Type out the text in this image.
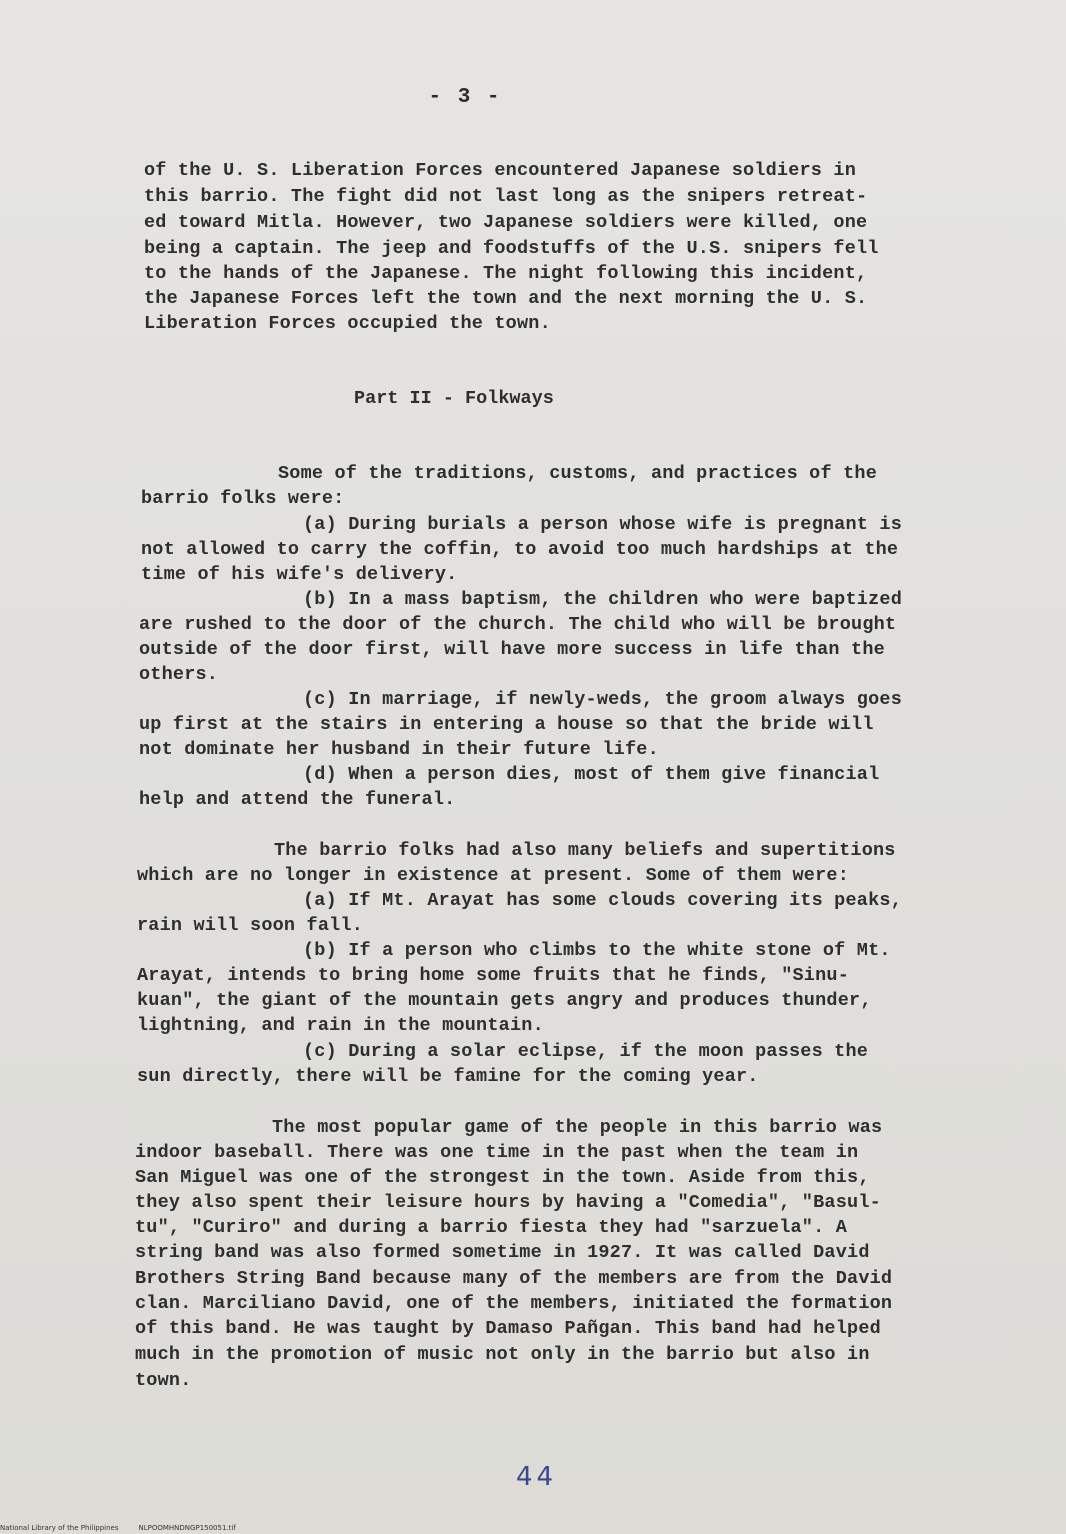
- 3 -
of the U. S. Liberation Forces encountered Japanese soldiers in
this barrio. The fight did not last long as the snipers retreat-
ed toward Mitla. However, two Japanese soldiers were killed, one
being a captain. The jeep and foodstuffs of the U.S. snipers fell
to the hands of the Japanese. The night following this incident,
the Japanese Forces left the town and the next morning the U. S.
Liberation Forces occupied the town.
Part II - Folkways
Some of the traditions, customs, and practices of the
barrio folks were:
(a) During burials a person whose wife is pregnant is
not allowed to carry the coffin, to avoid too much hardships at the
time of his wife's delivery.
(b) In a mass baptism, the children who were baptized
are rushed to the door of the church. The child who will be brought
outside of the door first, will have more success in life than the
others.
(c) In marriage, if newly-weds, the groom always goes
up first at the stairs in entering a house so that the bride will
not dominate her husband in their future life.
(d) When a person dies, most of them give financial
help and attend the funeral.
The barrio folks had also many beliefs and supertitions
which are no longer in existence at present. Some of them were:
(a) If Mt. Arayat has some clouds covering its peaks,
rain will soon fall.
(b) If a person who climbs to the white stone of Mt.
Arayat, intends to bring home some fruits that he finds, "Sinu-
kuan", the giant of the mountain gets angry and produces thunder,
lightning, and rain in the mountain.
(c) During a solar eclipse, if the moon passes the
sun directly, there will be famine for the coming year.
The most popular game of the people in this barrio was
indoor baseball. There was one time in the past when the team in
San Miguel was one of the strongest in the town. Aside from this,
they also spent their leisure hours by having a "Comedia", "Basul-
tu", "Curiro" and during a barrio fiesta they had "sarzuela". A
string band was also formed sometime in 1927. It was called David
Brothers String Band because many of the members are from the David
clan. Marciliano David, one of the members, initiated the formation
of this band. He was taught by Damaso Pañgan. This band had helped
much in the promotion of music not only in the barrio but also in
town.
44
National Library of the Philippines	NLPOOMHNDNGP150051.tif
